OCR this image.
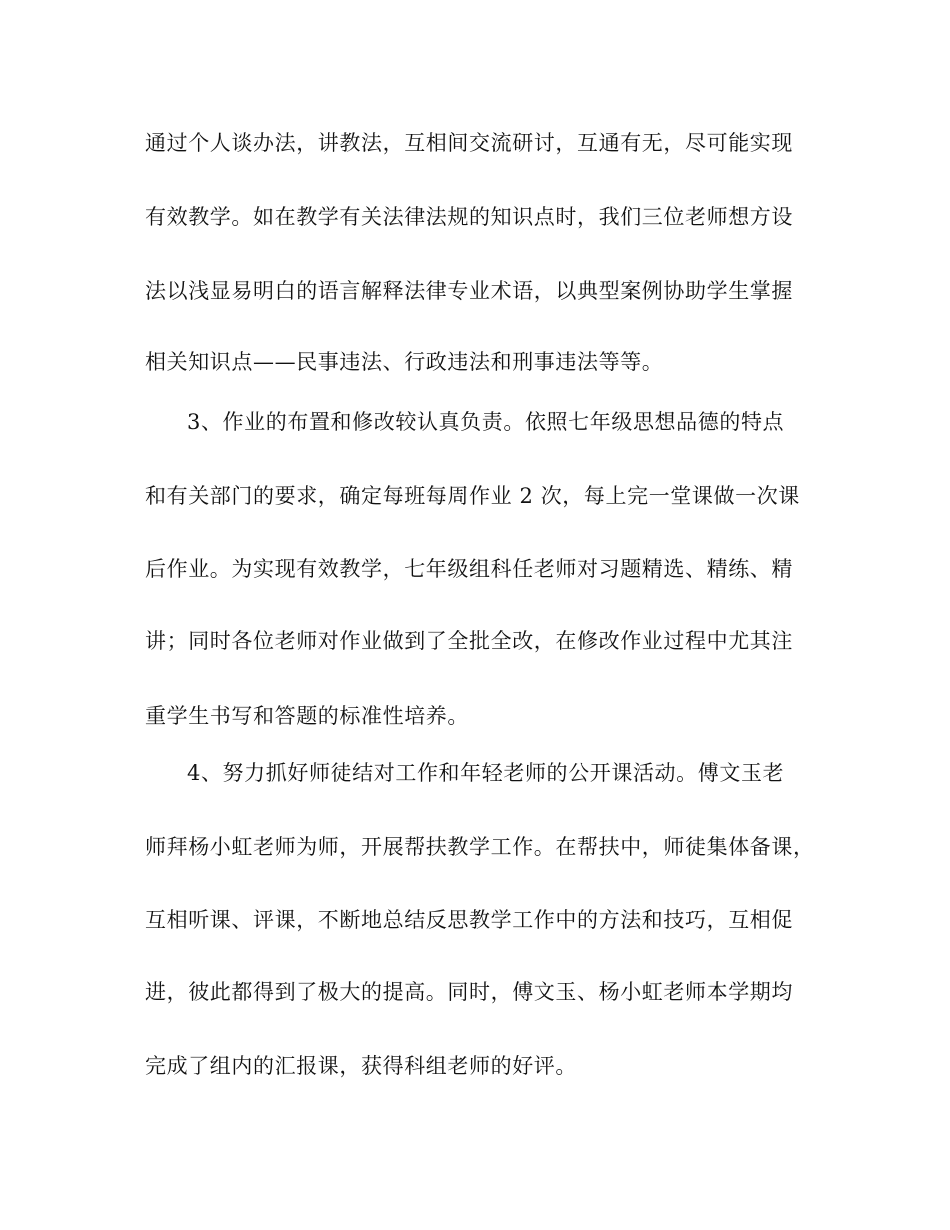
通过个人谈办法，讲教法，互相间交流研讨，互通有无，尽可能实现
有效教学。如在教学有关法律法规的知识点时，我们三位老师想方设
法以浅显易明白的语言解释法律专业术语，以典型案例协助学生掌握
相关知识点——民事违法、行政违法和刑事违法等等。
3、作业的布置和修改较认真负责。依照七年级思想品德的特点
和有关部门的要求，确定每班每周作业 2 次，每上完一堂课做一次课
后作业。为实现有效教学，七年级组科任老师对习题精选、精练、精
讲；同时各位老师对作业做到了全批全改，在修改作业过程中尤其注
重学生书写和答题的标准性培养。
4、努力抓好师徒结对工作和年轻老师的公开课活动。傅文玉老
师拜杨小虹老师为师，开展帮扶教学工作。在帮扶中，师徒集体备课，
互相听课、评课，不断地总结反思教学工作中的方法和技巧，互相促
进，彼此都得到了极大的提高。同时，傅文玉、杨小虹老师本学期均
完成了组内的汇报课，获得科组老师的好评。
